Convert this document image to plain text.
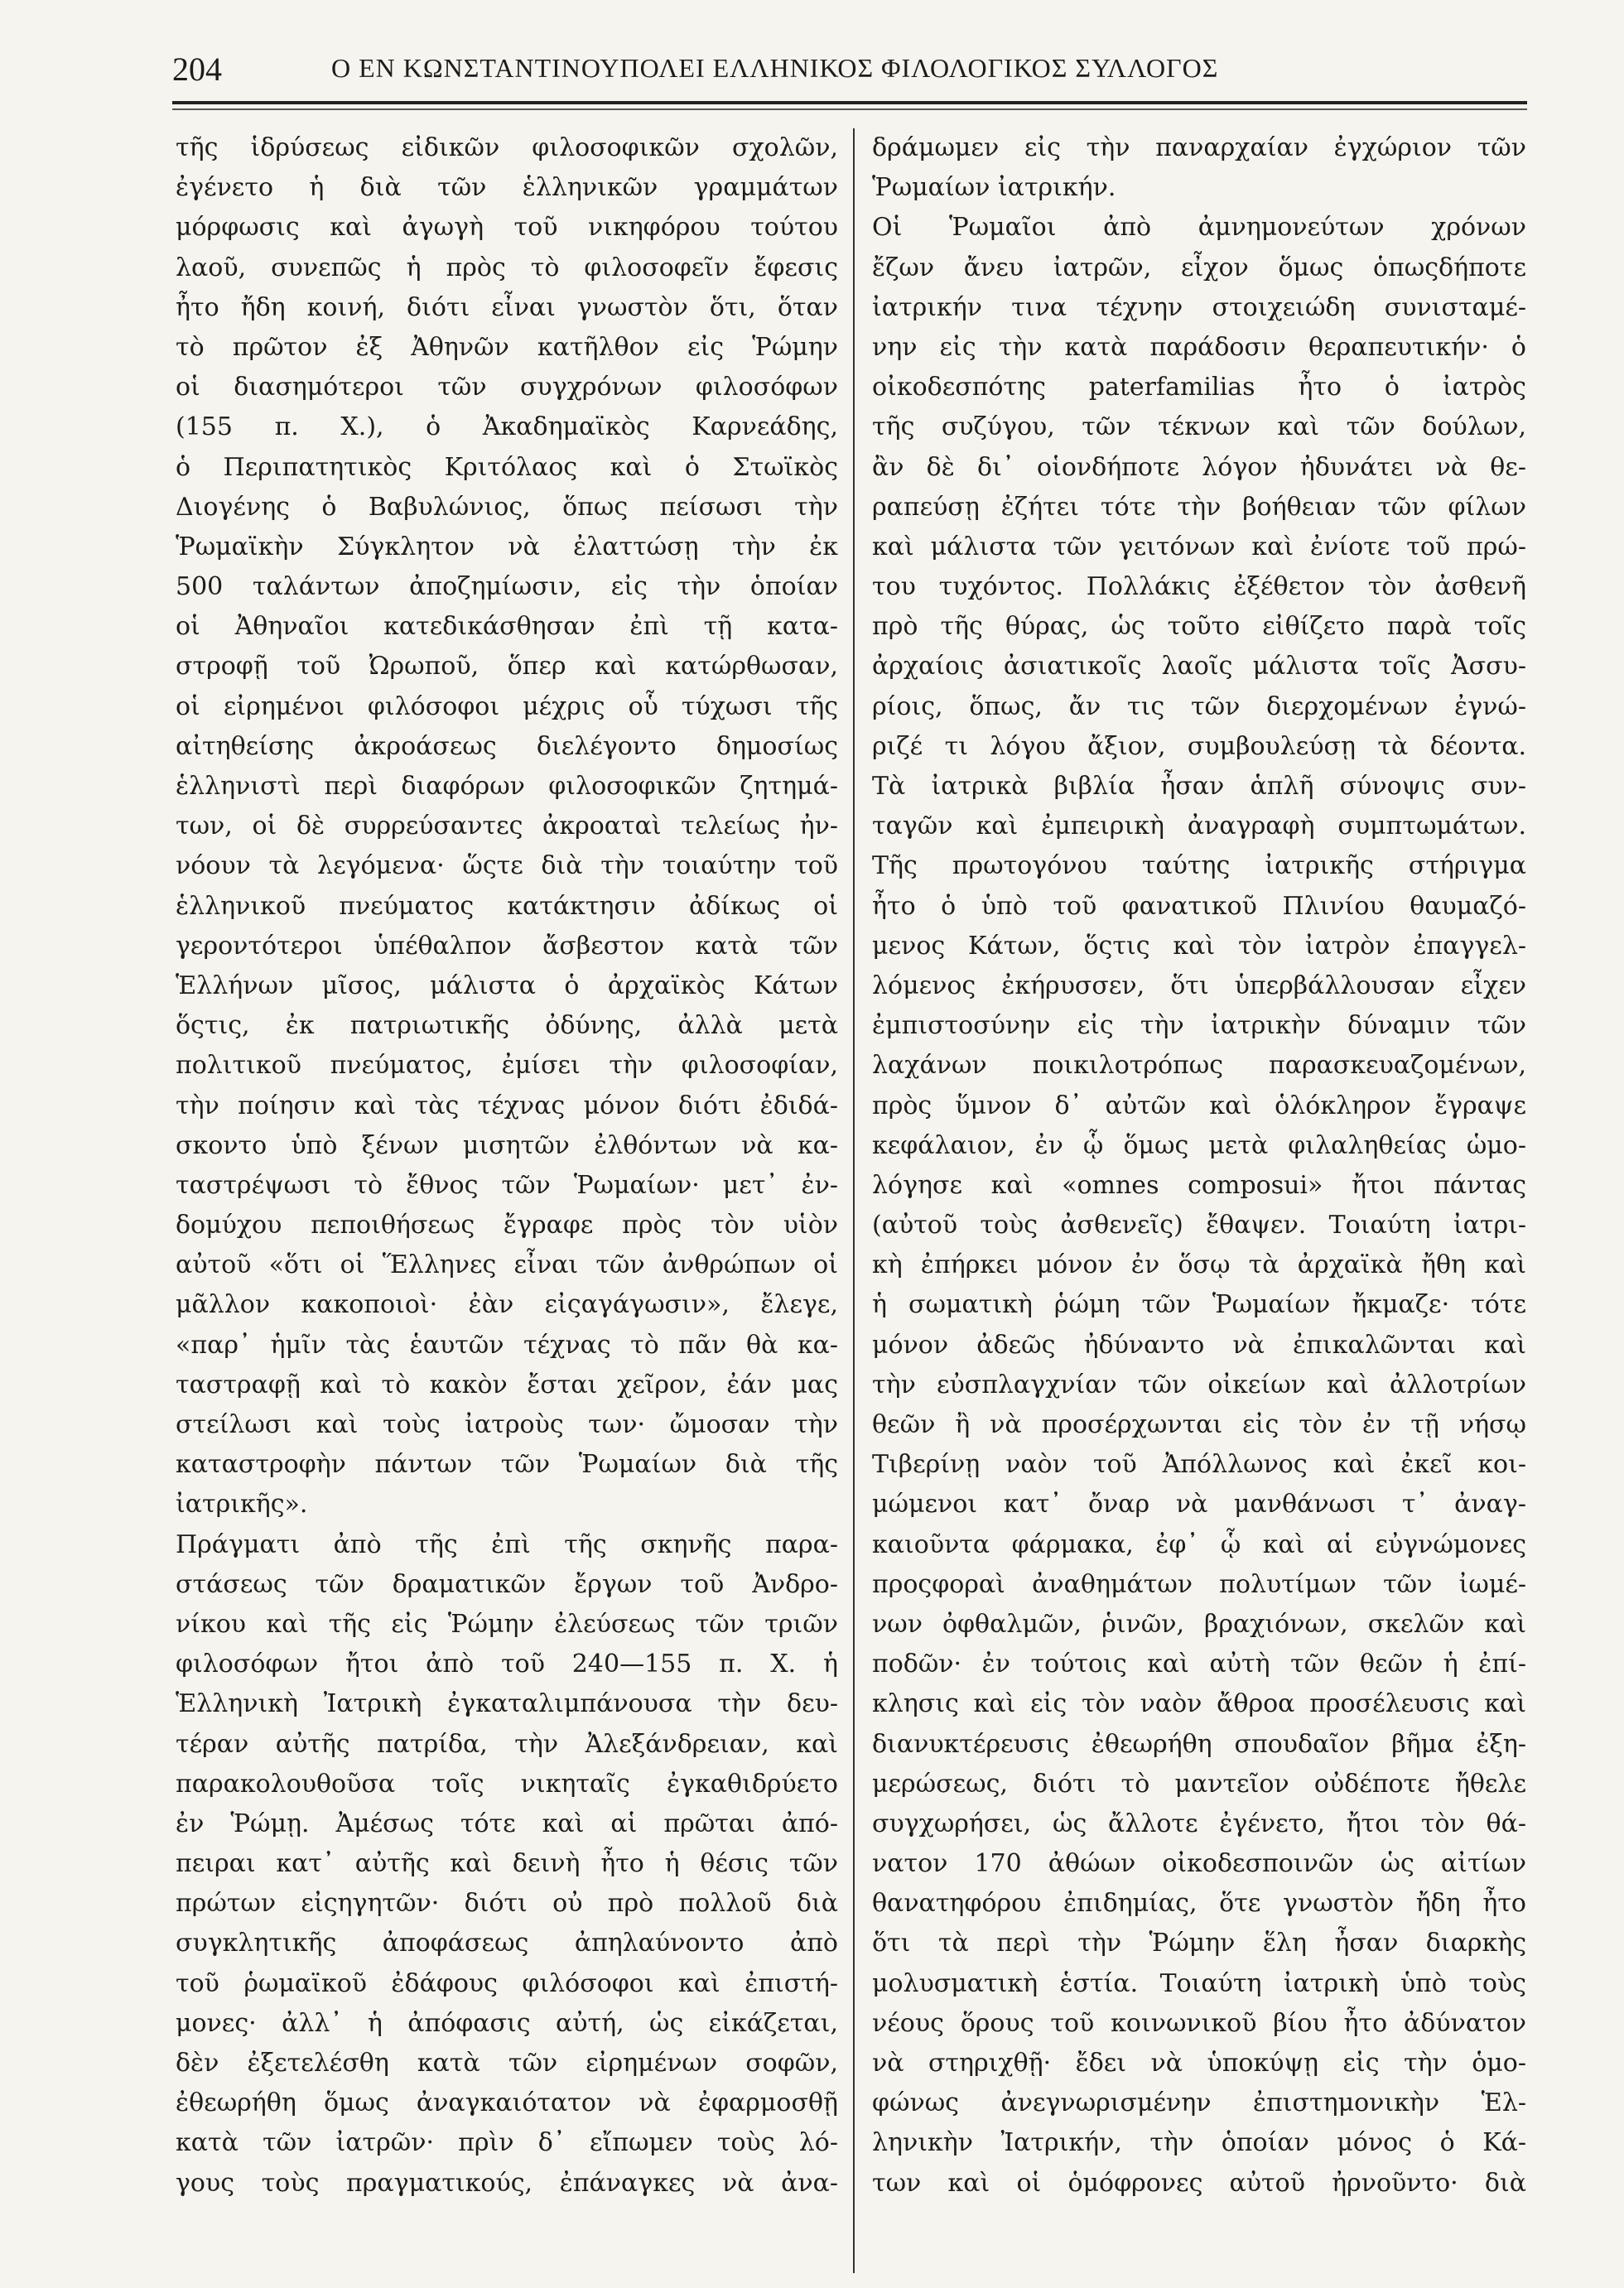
204	Ο ΕΝ ΚΩΝΣΤΑΝΤΙΝΟΥΠΟΛΕΙ ΕΛΛΗΝΙΚΟΣ ΦΙΛΟΛΟΓΙΚΟΣ ΣΥΛΛΟΓΟΣ
τῆς ἱδρύσεως εἰδικῶν φιλοσοφικῶν σχολῶν,
ἐγένετο ἡ διὰ τῶν ἑλληνικῶν γραμμάτων
μόρφωσις καὶ ἀγωγὴ τοῦ νικηφόρου τούτου
λαοῦ, συνεπῶς ἡ πρὸς τὸ φιλοσοφεῖν ἔφεσις
ἦτο ἤδη κοινή, διότι εἶναι γνωστὸν ὅτι, ὅταν
τὸ πρῶτον ἐξ Ἀθηνῶν κατῆλθον εἰς Ῥώμην
οἱ διασημότεροι τῶν συγχρόνων φιλοσόφων
(155 π. Χ.), ὁ Ἀκαδημαϊκὸς Καρνεάδης,
ὁ Περιπατητικὸς Κριτόλαος καὶ ὁ Στωϊκὸς
Διογένης ὁ Βαβυλώνιος, ὅπως πείσωσι τὴν
Ῥωμαϊκὴν Σύγκλητον νὰ ἐλαττώσῃ τὴν ἐκ
500 ταλάντων ἀποζημίωσιν, εἰς τὴν ὁποίαν
οἱ Ἀθηναῖοι κατεδικάσθησαν ἐπὶ τῇ κατα-
στροφῇ τοῦ Ὠρωποῦ, ὅπερ καὶ κατώρθωσαν,
οἱ εἰρημένοι φιλόσοφοι μέχρις οὗ τύχωσι τῆς
αἰτηθείσης ἀκροάσεως διελέγοντο δημοσίως
ἑλληνιστὶ περὶ διαφόρων φιλοσοφικῶν ζητημά-
των, οἱ δὲ συρρεύσαντες ἀκροαταὶ τελείως ἠν-
νόουν τὰ λεγόμενα· ὥςτε διὰ τὴν τοιαύτην τοῦ
ἑλληνικοῦ πνεύματος κατάκτησιν ἀδίκως οἱ
γεροντότεροι ὑπέθαλπον ἄσβεστον κατὰ τῶν
Ἑλλήνων μῖσος, μάλιστα ὁ ἀρχαϊκὸς Κάτων
ὅςτις, ἐκ πατριωτικῆς ὀδύνης, ἀλλὰ μετὰ
πολιτικοῦ πνεύματος, ἐμίσει τὴν φιλοσοφίαν,
τὴν ποίησιν καὶ τὰς τέχνας μόνον διότι ἐδιδά-
σκοντο ὑπὸ ξένων μισητῶν ἐλθόντων νὰ κα-
ταστρέψωσι τὸ ἔθνος τῶν Ῥωμαίων· μετ᾽ ἐν-
δομύχου πεποιθήσεως ἔγραφε πρὸς τὸν υἱὸν
αὐτοῦ «ὅτι οἱ Ἕλληνες εἶναι τῶν ἀνθρώπων οἱ
μᾶλλον κακοποιοὶ· ἐὰν εἰςαγάγωσιν», ἔλεγε,
«παρ᾽ ἡμῖν τὰς ἑαυτῶν τέχνας τὸ πᾶν θὰ κα-
ταστραφῇ καὶ τὸ κακὸν ἔσται χεῖρον, ἐάν μας
στείλωσι καὶ τοὺς ἰατροὺς των· ὤμοσαν τὴν
καταστροφὴν πάντων τῶν Ῥωμαίων διὰ τῆς
ἰατρικῆς».
Πράγματι ἀπὸ τῆς ἐπὶ τῆς σκηνῆς παρα-
στάσεως τῶν δραματικῶν ἔργων τοῦ Ἀνδρο-
νίκου καὶ τῆς εἰς Ῥώμην ἐλεύσεως τῶν τριῶν
φιλοσόφων ἤτοι ἀπὸ τοῦ 240—155 π. Χ. ἡ
Ἑλληνικὴ Ἰατρικὴ ἐγκαταλιμπάνουσα τὴν δευ-
τέραν αὐτῆς πατρίδα, τὴν Ἀλεξάνδρειαν, καὶ
παρακολουθοῦσα τοῖς νικηταῖς ἐγκαθιδρύετο
ἐν Ῥώμῃ. Ἀμέσως τότε καὶ αἱ πρῶται ἀπό-
πειραι κατ᾽ αὐτῆς καὶ δεινὴ ἦτο ἡ θέσις τῶν
πρώτων εἰςηγητῶν· διότι οὐ πρὸ πολλοῦ διὰ
συγκλητικῆς ἀποφάσεως ἀπηλαύνοντο ἀπὸ
τοῦ ῥωμαϊκοῦ ἐδάφους φιλόσοφοι καὶ ἐπιστή-
μονες· ἀλλ᾽ ἡ ἀπόφασις αὐτή, ὡς εἰκάζεται,
δὲν ἐξετελέσθη κατὰ τῶν εἰρημένων σοφῶν,
ἐθεωρήθη ὅμως ἀναγκαιότατον νὰ ἐφαρμοσθῇ
κατὰ τῶν ἰατρῶν· πρὶν δ᾽ εἴπωμεν τοὺς λό-
γους τοὺς πραγματικούς, ἐπάναγκες νὰ ἀνα-
δράμωμεν εἰς τὴν παναρχαίαν ἐγχώριον τῶν
Ῥωμαίων ἰατρικήν.
Οἱ Ῥωμαῖοι ἀπὸ ἀμνημονεύτων χρόνων
ἔζων ἄνευ ἰατρῶν, εἶχον ὅμως ὁπωςδήποτε
ἰατρικήν τινα τέχνην στοιχειώδη συνισταμέ-
νην εἰς τὴν κατὰ παράδοσιν θεραπευτικήν· ὁ
οἰκοδεσπότης paterfamilias ἦτο ὁ ἰατρὸς
τῆς συζύγου, τῶν τέκνων καὶ τῶν δούλων,
ἂν δὲ δι᾽ οἱονδήποτε λόγον ἠδυνάτει νὰ θε-
ραπεύσῃ ἐζήτει τότε τὴν βοήθειαν τῶν φίλων
καὶ μάλιστα τῶν γειτόνων καὶ ἐνίοτε τοῦ πρώ-
του τυχόντος. Πολλάκις ἐξέθετον τὸν ἀσθενῆ
πρὸ τῆς θύρας, ὡς τοῦτο εἰθίζετο παρὰ τοῖς
ἀρχαίοις ἀσιατικοῖς λαοῖς μάλιστα τοῖς Ἀσσυ-
ρίοις, ὅπως, ἄν τις τῶν διερχομένων ἐγνώ-
ριζέ τι λόγου ἄξιον, συμβουλεύσῃ τὰ δέοντα.
Τὰ ἰατρικὰ βιβλία ἦσαν ἁπλῆ σύνοψις συν-
ταγῶν καὶ ἐμπειρικὴ ἀναγραφὴ συμπτωμάτων.
Τῆς πρωτογόνου ταύτης ἰατρικῆς στήριγμα
ἦτο ὁ ὑπὸ τοῦ φανατικοῦ Πλινίου θαυμαζό-
μενος Κάτων, ὅςτις καὶ τὸν ἰατρὸν ἐπαγγελ-
λόμενος ἐκήρυσσεν, ὅτι ὑπερβάλλουσαν εἶχεν
ἐμπιστοσύνην εἰς τὴν ἰατρικὴν δύναμιν τῶν
λαχάνων ποικιλοτρόπως παρασκευαζομένων,
πρὸς ὕμνον δ᾽ αὐτῶν καὶ ὁλόκληρον ἔγραψε
κεφάλαιον, ἐν ᾧ ὅμως μετὰ φιλαληθείας ὡμο-
λόγησε καὶ «omnes composui» ἤτοι πάντας
(αὐτοῦ τοὺς ἀσθενεῖς) ἔθαψεν. Τοιαύτη ἰατρι-
κὴ ἐπήρκει μόνον ἐν ὅσῳ τὰ ἀρχαϊκὰ ἤθη καὶ
ἡ σωματικὴ ῥώμη τῶν Ῥωμαίων ἤκμαζε· τότε
μόνον ἀδεῶς ἠδύναντο νὰ ἐπικαλῶνται καὶ
τὴν εὐσπλαγχνίαν τῶν οἰκείων καὶ ἀλλοτρίων
θεῶν ἢ νὰ προσέρχωνται εἰς τὸν ἐν τῇ νήσῳ
Τιβερίνῃ ναὸν τοῦ Ἀπόλλωνος καὶ ἐκεῖ κοι-
μώμενοι κατ᾽ ὄναρ νὰ μανθάνωσι τ᾽ ἀναγ-
καιοῦντα φάρμακα, ἐφ᾽ ᾧ καὶ αἱ εὐγνώμονες
προςφοραὶ ἀναθημάτων πολυτίμων τῶν ἰωμέ-
νων ὀφθαλμῶν, ῥινῶν, βραχιόνων, σκελῶν καὶ
ποδῶν· ἐν τούτοις καὶ αὐτὴ τῶν θεῶν ἡ ἐπί-
κλησις καὶ εἰς τὸν ναὸν ἄθροα προσέλευσις καὶ
διανυκτέρευσις ἐθεωρήθη σπουδαῖον βῆμα ἐξη-
μερώσεως, διότι τὸ μαντεῖον οὐδέποτε ἤθελε
συγχωρήσει, ὡς ἄλλοτε ἐγένετο, ἤτοι τὸν θά-
νατον 170 ἀθώων οἰκοδεσποινῶν ὡς αἰτίων
θανατηφόρου ἐπιδημίας, ὅτε γνωστὸν ἤδη ἦτο
ὅτι τὰ περὶ τὴν Ῥώμην ἕλη ἦσαν διαρκὴς
μολυσματικὴ ἑστία. Τοιαύτη ἰατρικὴ ὑπὸ τοὺς
νέους ὅρους τοῦ κοινωνικοῦ βίου ἦτο ἀδύνατον
νὰ στηριχθῇ· ἔδει νὰ ὑποκύψῃ εἰς τὴν ὁμο-
φώνως ἀνεγνωρισμένην ἐπιστημονικὴν Ἑλ-
ληνικὴν Ἰατρικήν, τὴν ὁποίαν μόνος ὁ Κά-
των καὶ οἱ ὁμόφρονες αὐτοῦ ἠρνοῦντο· διὰ
